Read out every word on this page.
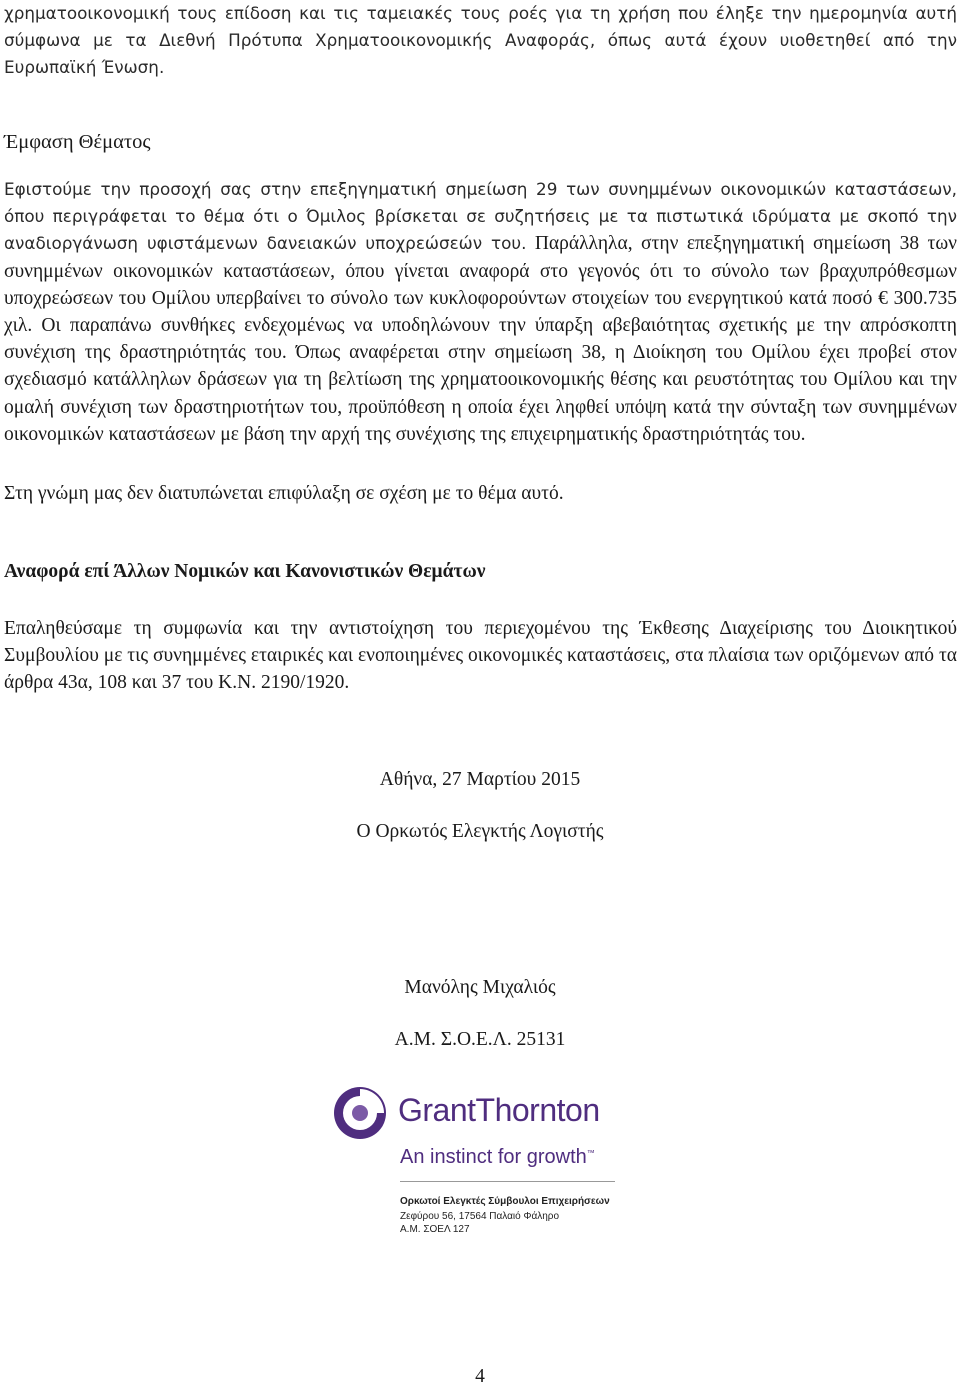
χρηματοοικονομική τους επίδοση και τις ταμειακές τους ροές για τη χρήση που έληξε την ημερομηνία αυτή σύμφωνα με τα Διεθνή Πρότυπα Χρηματοοικονομικής Αναφοράς, όπως αυτά έχουν υιοθετηθεί από την Ευρωπαϊκή Ένωση.

Έμφαση Θέματος

Εφιστούμε την προσοχή σας στην επεξηγηματική σημείωση 29 των συνημμένων οικονομικών καταστάσεων, όπου περιγράφεται το θέμα ότι ο Όμιλος βρίσκεται σε συζητήσεις με τα πιστωτικά ιδρύματα με σκοπό την αναδιοργάνωση υφιστάμενων δανειακών υποχρεώσεών του. Παράλληλα, στην επεξηγηματική σημείωση 38 των συνημμένων οικονομικών καταστάσεων, όπου γίνεται αναφορά στο γεγονός ότι το σύνολο των βραχυπρόθεσμων υποχρεώσεων του Ομίλου υπερβαίνει το σύνολο των κυκλοφορούντων στοιχείων του ενεργητικού κατά ποσό € 300.735 χιλ. Οι παραπάνω συνθήκες ενδεχομένως να υποδηλώνουν την ύπαρξη αβεβαιότητας σχετικής με την απρόσκοπτη συνέχιση της δραστηριότητάς του. Όπως αναφέρεται στην σημείωση 38, η Διοίκηση του Ομίλου έχει προβεί στον σχεδιασμό κατάλληλων δράσεων για τη βελτίωση της χρηματοοικονομικής θέσης και ρευστότητας του Ομίλου και την ομαλή συνέχιση των δραστηριοτήτων του, προϋπόθεση η οποία έχει ληφθεί υπόψη κατά την σύνταξη των συνημμένων οικονομικών καταστάσεων με βάση την αρχή της συνέχισης της επιχειρηματικής δραστηριότητάς του.

Στη γνώμη μας δεν διατυπώνεται επιφύλαξη σε σχέση με το θέμα αυτό.

Αναφορά επί Άλλων Νομικών και Κανονιστικών Θεμάτων

Επαληθεύσαμε τη συμφωνία και την αντιστοίχηση του περιεχομένου της Έκθεσης Διαχείρισης του Διοικητικού Συμβουλίου με τις συνημμένες εταιρικές και ενοποιημένες οικονομικές καταστάσεις, στα πλαίσια των οριζόμενων από τα άρθρα 43α, 108 και 37 του Κ.Ν. 2190/1920.

Αθήνα, 27 Μαρτίου 2015

Ο Ορκωτός Ελεγκτής Λογιστής

Μανόλης Μιχαλιός

Α.Μ. Σ.Ο.Ε.Λ. 25131

GrantThornton

An instinct for growth™

Ορκωτοί Ελεγκτές Σύμβουλοι Επιχειρήσεων

Ζεφύρου 56, 17564 Παλαιό Φάληρο

Α.Μ. ΣΟΕΛ 127

4
